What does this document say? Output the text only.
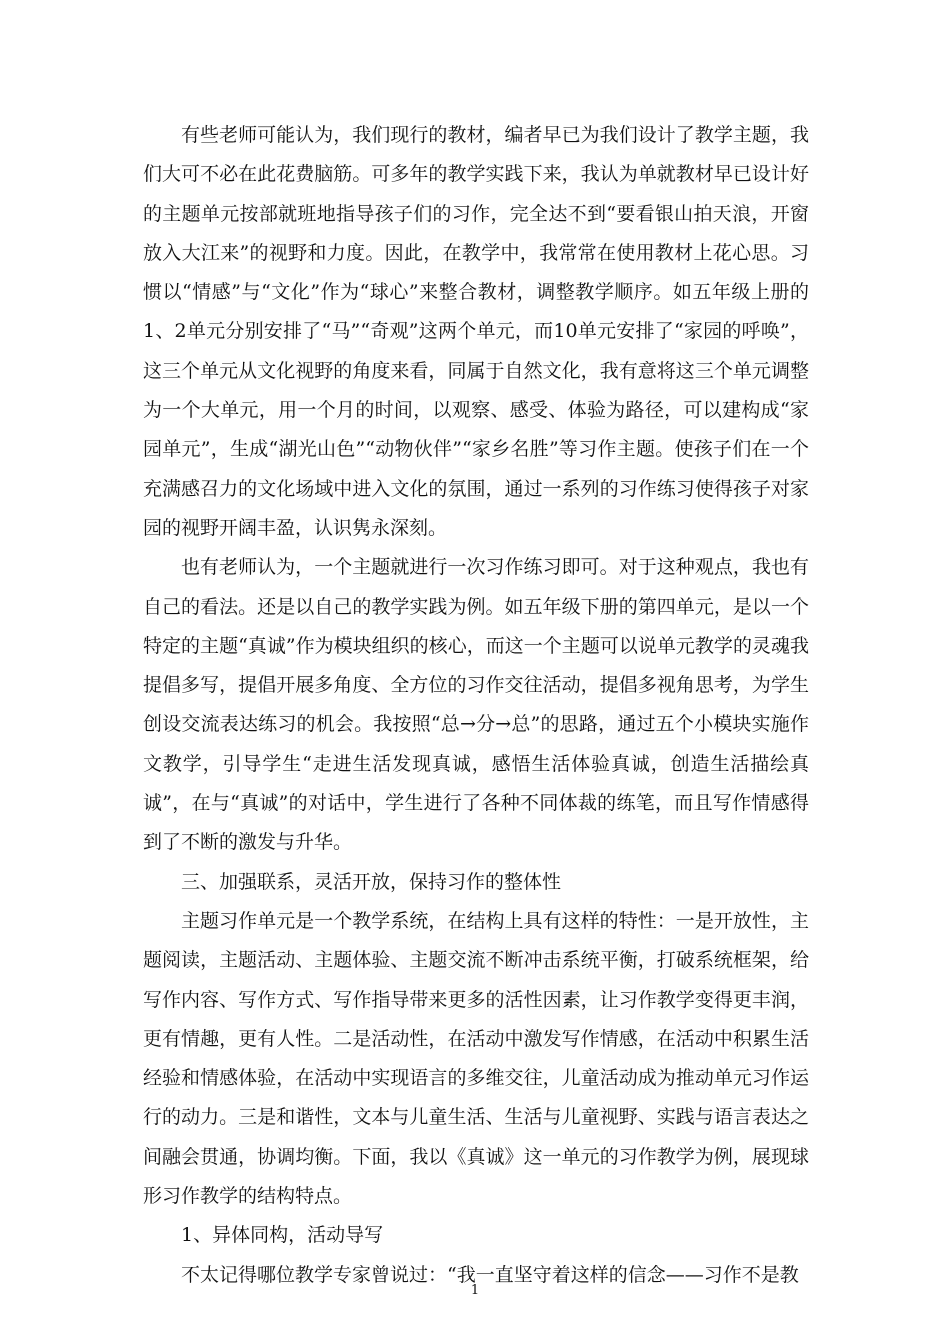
有些老师可能认为，我们现行的教材，编者早已为我们设计了教学主题，我们大可不必在此花费脑筋。可多年的教学实践下来，我认为单就教材早已设计好的主题单元按部就班地指导孩子们的习作，完全达不到“要看银山拍天浪，开窗放入大江来”的视野和力度。因此，在教学中，我常常在使用教材上花心思。习惯以“情感”与“文化”作为“球心”来整合教材，调整教学顺序。如五年级上册的1、2单元分别安排了“马”“奇观”这两个单元，而10单元安排了“家园的呼唤”，这三个单元从文化视野的角度来看，同属于自然文化，我有意将这三个单元调整为一个大单元，用一个月的时间，以观察、感受、体验为路径，可以建构成“家园单元”，生成“湖光山色”“动物伙伴”“家乡名胜”等习作主题。使孩子们在一个充满感召力的文化场域中进入文化的氛围，通过一系列的习作练习使得孩子对家园的视野开阔丰盈，认识隽永深刻。

也有老师认为，一个主题就进行一次习作练习即可。对于这种观点，我也有自己的看法。还是以自己的教学实践为例。如五年级下册的第四单元，是以一个特定的主题“真诚”作为模块组织的核心，而这一个主题可以说单元教学的灵魂我提倡多写，提倡开展多角度、全方位的习作交往活动，提倡多视角思考，为学生创设交流表达练习的机会。我按照“总→分→总”的思路，通过五个小模块实施作文教学，引导学生“走进生活发现真诚，感悟生活体验真诚，创造生活描绘真诚”，在与“真诚”的对话中，学生进行了各种不同体裁的练笔，而且写作情感得到了不断的激发与升华。

三、加强联系，灵活开放，保持习作的整体性

主题习作单元是一个教学系统，在结构上具有这样的特性：一是开放性，主题阅读，主题活动、主题体验、主题交流不断冲击系统平衡，打破系统框架，给写作内容、写作方式、写作指导带来更多的活性因素，让习作教学变得更丰润，更有情趣，更有人性。二是活动性，在活动中激发写作情感，在活动中积累生活经验和情感体验，在活动中实现语言的多维交往，儿童活动成为推动单元习作运行的动力。三是和谐性，文本与儿童生活、生活与儿童视野、实践与语言表达之间融会贯通，协调均衡。下面，我以《真诚》这一单元的习作教学为例，展现球形习作教学的结构特点。

1、异体同构，活动导写

不太记得哪位教学专家曾说过：“我一直坚守着这样的信念——习作不是教

1
